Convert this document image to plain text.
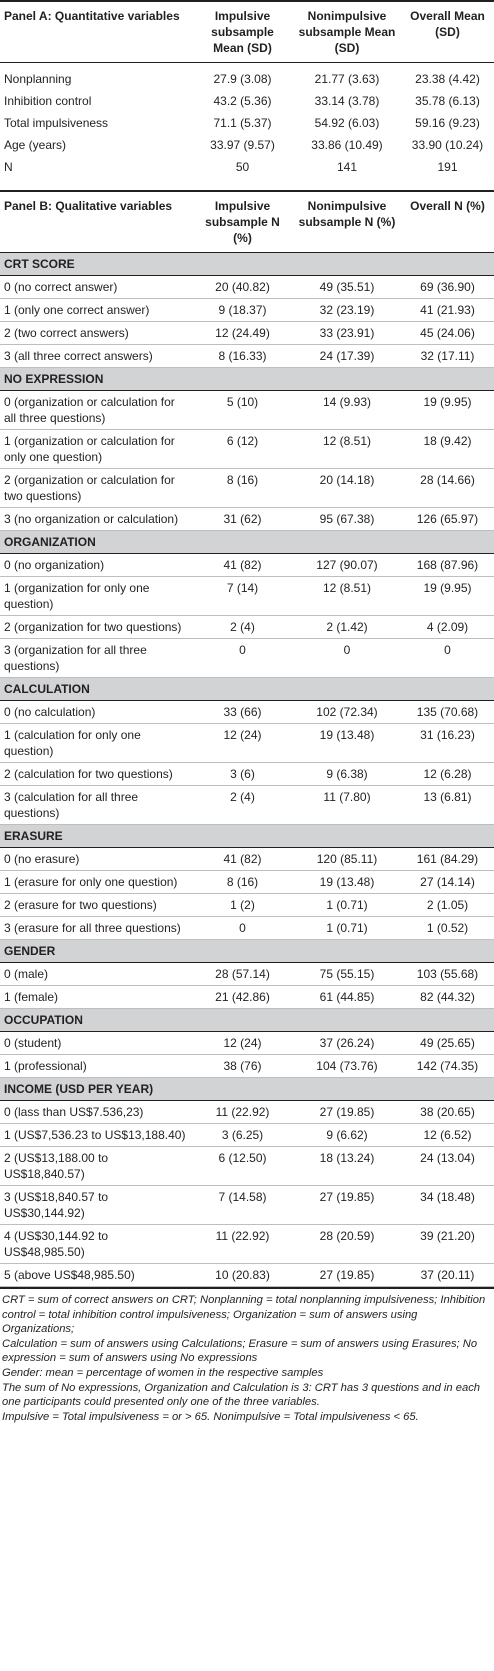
Panel A: Quantitative variables	Impulsive subsample Mean (SD)	Nonimpulsive subsample Mean (SD)	Overall Mean (SD)
Nonplanning	27.9 (3.08)	21.77 (3.63)	23.38 (4.42)
Inhibition control	43.2 (5.36)	33.14 (3.78)	35.78 (6.13)
Total impulsiveness	71.1 (5.37)	54.92 (6.03)	59.16 (9.23)
Age (years)	33.97 (9.57)	33.86 (10.49)	33.90 (10.24)
N	50	141	191

Panel B: Qualitative variables	Impulsive subsample N (%)	Nonimpulsive subsample N (%)	Overall N (%)
CRT SCORE			
0 (no correct answer)	20 (40.82)	49 (35.51)	69 (36.90)
1 (only one correct answer)	9 (18.37)	32 (23.19)	41 (21.93)
2 (two correct answers)	12 (24.49)	33 (23.91)	45 (24.06)
3 (all three correct answers)	8 (16.33)	24 (17.39)	32 (17.11)
NO EXPRESSION			
0 (organization or calculation for all three questions)	5 (10)	14 (9.93)	19 (9.95)
1 (organization or calculation for only one question)	6 (12)	12 (8.51)	18 (9.42)
2 (organization or calculation for two questions)	8 (16)	20 (14.18)	28 (14.66)
3 (no organization or calculation)	31 (62)	95 (67.38)	126 (65.97)
ORGANIZATION			
0 (no organization)	41 (82)	127 (90.07)	168 (87.96)
1 (organization for only one question)	7 (14)	12 (8.51)	19 (9.95)
2 (organization for two questions)	2 (4)	2 (1.42)	4 (2.09)
3 (organization for all three questions)	0	0	0
CALCULATION			
0 (no calculation)	33 (66)	102 (72.34)	135 (70.68)
1 (calculation for only one question)	12 (24)	19 (13.48)	31 (16.23)
2 (calculation for two questions)	3 (6)	9 (6.38)	12 (6.28)
3 (calculation for all three questions)	2 (4)	11 (7.80)	13 (6.81)
ERASURE			
0 (no erasure)	41 (82)	120 (85.11)	161 (84.29)
1 (erasure for only one question)	8 (16)	19 (13.48)	27 (14.14)
2 (erasure for two questions)	1 (2)	1 (0.71)	2 (1.05)
3 (erasure for all three questions)	0	1 (0.71)	1 (0.52)
GENDER			
0 (male)	28 (57.14)	75 (55.15)	103 (55.68)
1 (female)	21 (42.86)	61 (44.85)	82 (44.32)
OCCUPATION			
0 (student)	12 (24)	37 (26.24)	49 (25.65)
1 (professional)	38 (76)	104 (73.76)	142 (74.35)
INCOME (USD PER YEAR)			
0 (lass than US$7.536,23)	11 (22.92)	27 (19.85)	38 (20.65)
1 (US$7,536.23 to US$13,188.40)	3 (6.25)	9 (6.62)	12 (6.52)
2 (US$13,188.00 to US$18,840.57)	6 (12.50)	18 (13.24)	24 (13.04)
3 (US$18,840.57 to US$30,144.92)	7 (14.58)	27 (19.85)	34 (18.48)
4 (US$30,144.92 to US$48,985.50)	11 (22.92)	28 (20.59)	39 (21.20)
5 (above US$48,985.50)	10 (20.83)	27 (19.85)	37 (20.11)
CRT = sum of correct answers on CRT; Nonplanning = total nonplanning impulsiveness; Inhibition control = total inhibition control impulsiveness; Organization = sum of answers using Organizations;
Calculation = sum of answers using Calculations; Erasure = sum of answers using Erasures; No expression = sum of answers using No expressions
Gender: mean = percentage of women in the respective samples
The sum of No expressions, Organization and Calculation is 3: CRT has 3 questions and in each one participants could presented only one of the three variables.
Impulsive = Total impulsiveness = or > 65. Nonimpulsive = Total impulsiveness < 65.
